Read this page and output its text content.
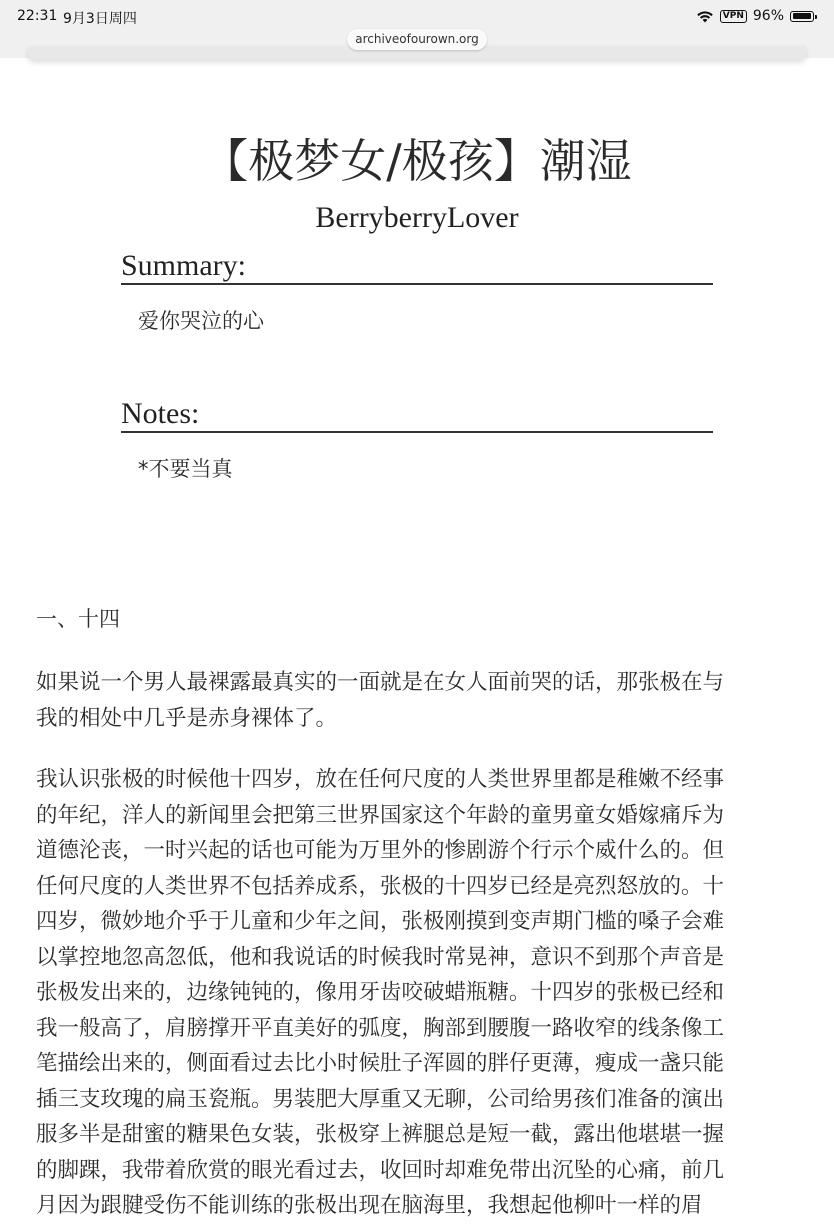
22:31 9月3日周四	VPN 96%
archiveofourown.org
【极梦女/极孩】潮湿
BerryberryLover
Summary:
爱你哭泣的心
Notes:
*不要当真
一、十四

如果说一个男人最裸露最真实的一面就是在女人面前哭的话，那张极在与
我的相处中几乎是赤身裸体了。

我认识张极的时候他十四岁，放在任何尺度的人类世界里都是稚嫩不经事
的年纪，洋人的新闻里会把第三世界国家这个年龄的童男童女婚嫁痛斥为
道德沦丧，一时兴起的话也可能为万里外的惨剧游个行示个威什么的。但
任何尺度的人类世界不包括养成系，张极的十四岁已经是亮烈怒放的。十
四岁，微妙地介乎于儿童和少年之间，张极刚摸到变声期门槛的嗓子会难
以掌控地忽高忽低，他和我说话的时候我时常晃神，意识不到那个声音是
张极发出来的，边缘钝钝的，像用牙齿咬破蜡瓶糖。十四岁的张极已经和
我一般高了，肩膀撑开平直美好的弧度，胸部到腰腹一路收窄的线条像工
笔描绘出来的，侧面看过去比小时候肚子浑圆的胖仔更薄，瘦成一盏只能
插三支玫瑰的扁玉瓷瓶。男装肥大厚重又无聊，公司给男孩们准备的演出
服多半是甜蜜的糖果色女装，张极穿上裤腿总是短一截，露出他堪堪一握
的脚踝，我带着欣赏的眼光看过去，收回时却难免带出沉坠的心痛，前几
月因为跟腱受伤不能训练的张极出现在脑海里，我想起他柳叶一样的眉
